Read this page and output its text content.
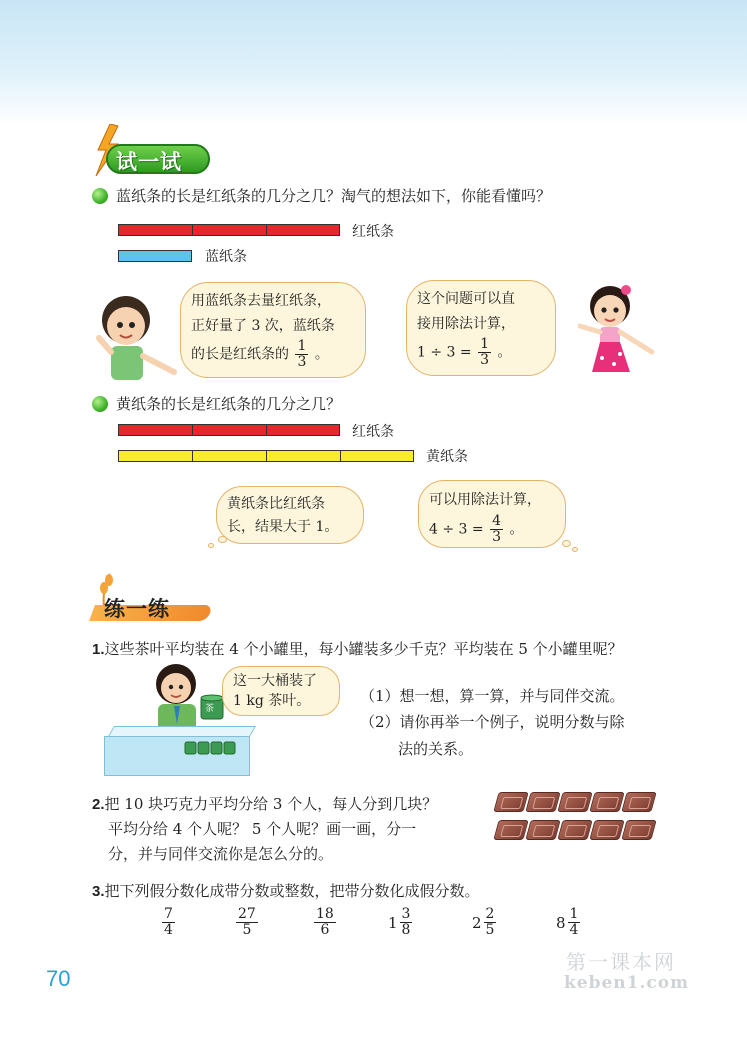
试一试
蓝纸条的长是红纸条的几分之几？淘气的想法如下，你能看懂吗？
红纸条
蓝纸条
用蓝纸条去量红纸条，
正好量了 3 次，蓝纸条
的长是红纸条的 $\frac{1}{3}$ 。
这个问题可以直
接用除法计算，
$1 \div 3 = \frac{1}{3}$ 。
黄纸条的长是红纸条的几分之几？
红纸条
黄纸条
黄纸条比红纸条
长，结果大于 1。
可以用除法计算，
$4 \div 3 = \frac{4}{3}$ 。
练一练
1.这些茶叶平均装在 4 个小罐里，每小罐装多少千克？平均装在 5 个小罐里呢？
茶
这一大桶装了
1 kg 茶叶。	（1）想一想，算一算，并与同伴交流。
（2）请你再举一个例子，说明分数与除
法的关系。
2.把 10 块巧克力平均分给 3 个人，每人分到几块？
平均分给 4 个人呢？ 5 个人呢？画一画，分一
分，并与同伴交流你是怎么分的。
3.把下列假分数化成带分数或整数，把带分数化成假分数。
$\frac{7}{4}$	$\frac{27}{5}$	$\frac{18}{6}$	$1 \frac{3}{8}$	$2 \frac{2}{5}$	$8 \frac{1}{4}$
70
第一课本网
keben1.com
